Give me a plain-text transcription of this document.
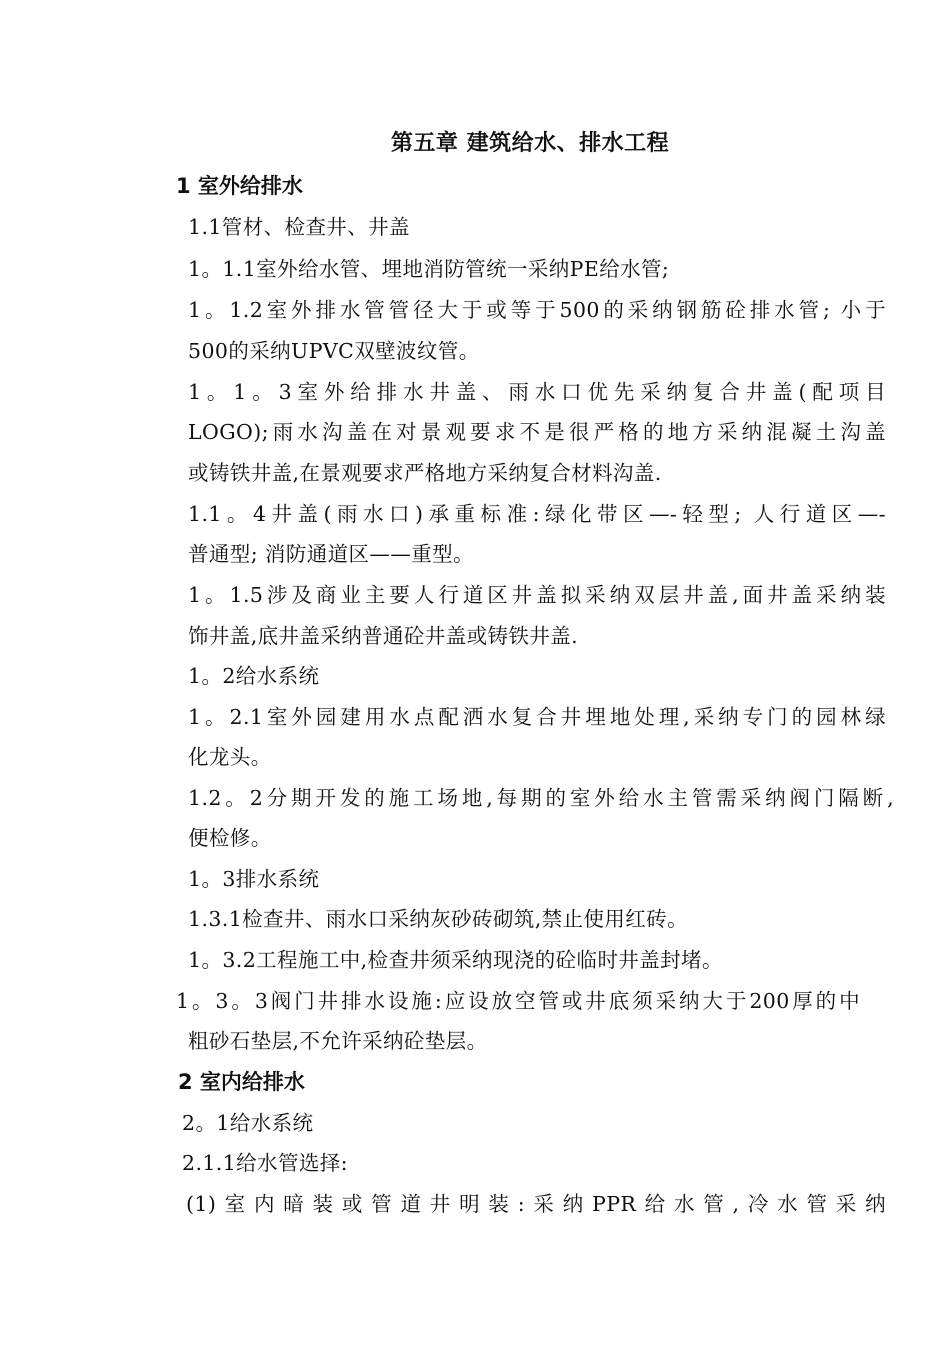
第五章 建筑给水、排水工程
1 室外给排水
1.1管材、检查井、井盖
1。1.1室外给水管、埋地消防管统一采纳PE给水管;
1。1.2室外排水管管径大于或等于500的采纳钢筋砼排水管; 小于
500的采纳UPVC双壁波纹管。
1。1。3室外给排水井盖、雨水口优先采纳复合井盖(配项目
LOGO);雨水沟盖在对景观要求不是很严格的地方采纳混凝土沟盖
或铸铁井盖,在景观要求严格地方采纳复合材料沟盖.
1.1。4井盖(雨水口)承重标准:绿化带区—-轻型; 人行道区—-
普通型; 消防通道区——重型。
1。1.5涉及商业主要人行道区井盖拟采纳双层井盖,面井盖采纳装
饰井盖,底井盖采纳普通砼井盖或铸铁井盖.
1。2给水系统
1。2.1室外园建用水点配洒水复合井埋地处理,采纳专门的园林绿
化龙头。
1.2。2分期开发的施工场地,每期的室外给水主管需采纳阀门隔断,
便检修。
1。3排水系统
1.3.1检查井、雨水口采纳灰砂砖砌筑,禁止使用红砖。
1。3.2工程施工中,检查井须采纳现浇的砼临时井盖封堵。
1。3。3阀门井排水设施:应设放空管或井底须采纳大于200厚的中
粗砂石垫层,不允许采纳砼垫层。
2 室内给排水
2。1给水系统
2.1.1给水管选择:
(1)室内暗装或管道井明装:采纳PPR给水管,冷水管采纳
